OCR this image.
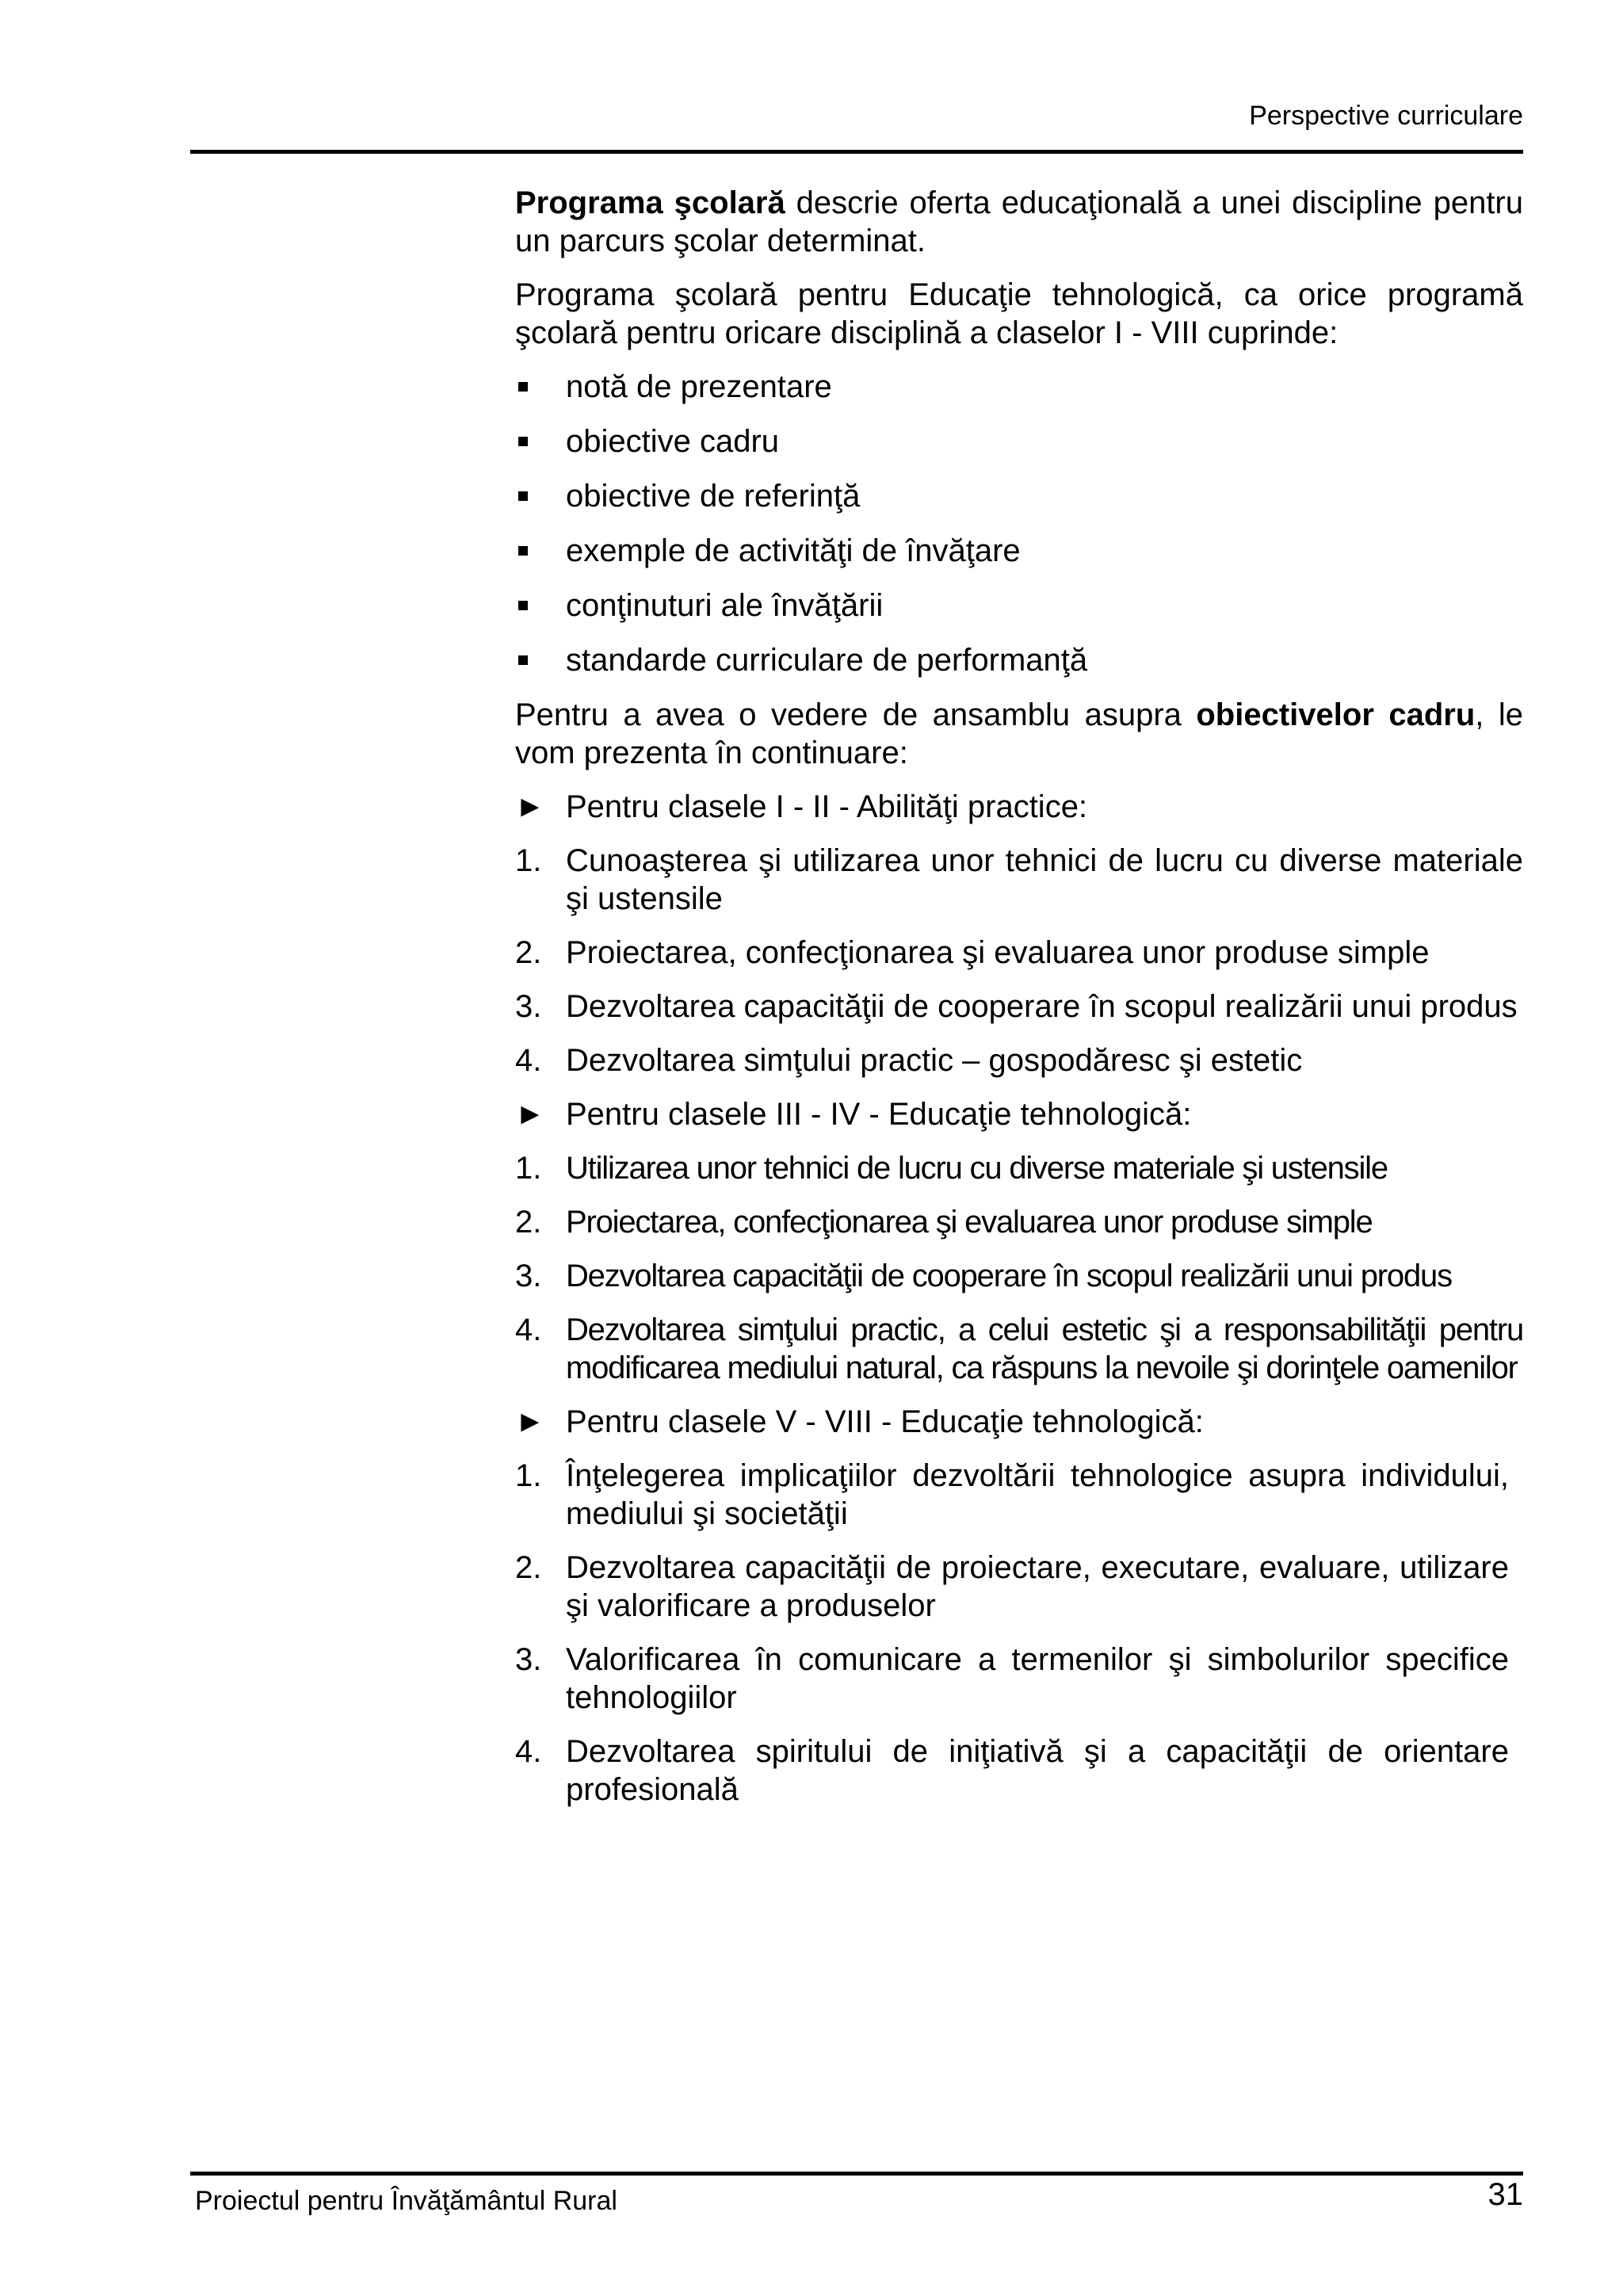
Perspective curriculare

Programa şcolară descrie oferta educaţională a unei discipline pentru un parcurs şcolar determinat.

Programa şcolară pentru Educaţie tehnologică, ca orice programă şcolară pentru oricare disciplină a claselor I - VIII cuprinde:

notă de prezentare
obiective cadru
obiective de referinţă
exemple de activităţi de învăţare
conţinuturi ale învăţării
standarde curriculare de performanţă

Pentru a avea o vedere de ansamblu asupra obiectivelor cadru, le vom prezenta în continuare:

► Pentru clasele I - II - Abilităţi practice:
1. Cunoaşterea şi utilizarea unor tehnici de lucru cu diverse materiale şi ustensile
2. Proiectarea, confecţionarea şi evaluarea unor produse simple
3. Dezvoltarea capacităţii de cooperare în scopul realizării unui produs
4. Dezvoltarea simţului practic – gospodăresc şi estetic
► Pentru clasele III - IV - Educaţie tehnologică:
1. Utilizarea unor tehnici de lucru cu diverse materiale şi ustensile
2. Proiectarea, confecţionarea şi evaluarea unor produse simple
3. Dezvoltarea capacităţii de cooperare în scopul realizării unui produs
4. Dezvoltarea simţului practic, a celui estetic şi a responsabilităţii pentru modificarea mediului natural, ca răspuns la nevoile şi dorinţele oamenilor
► Pentru clasele V - VIII - Educaţie tehnologică:
1. Înţelegerea implicaţiilor dezvoltării tehnologice asupra individului, mediului şi societăţii
2. Dezvoltarea capacităţii de proiectare, executare, evaluare, utilizare şi valorificare a produselor
3. Valorificarea în comunicare a termenilor şi simbolurilor specifice tehnologiilor
4. Dezvoltarea spiritului de iniţiativă şi a capacităţii de orientare profesională
Proiectul pentru Învăţământul Rural	31
